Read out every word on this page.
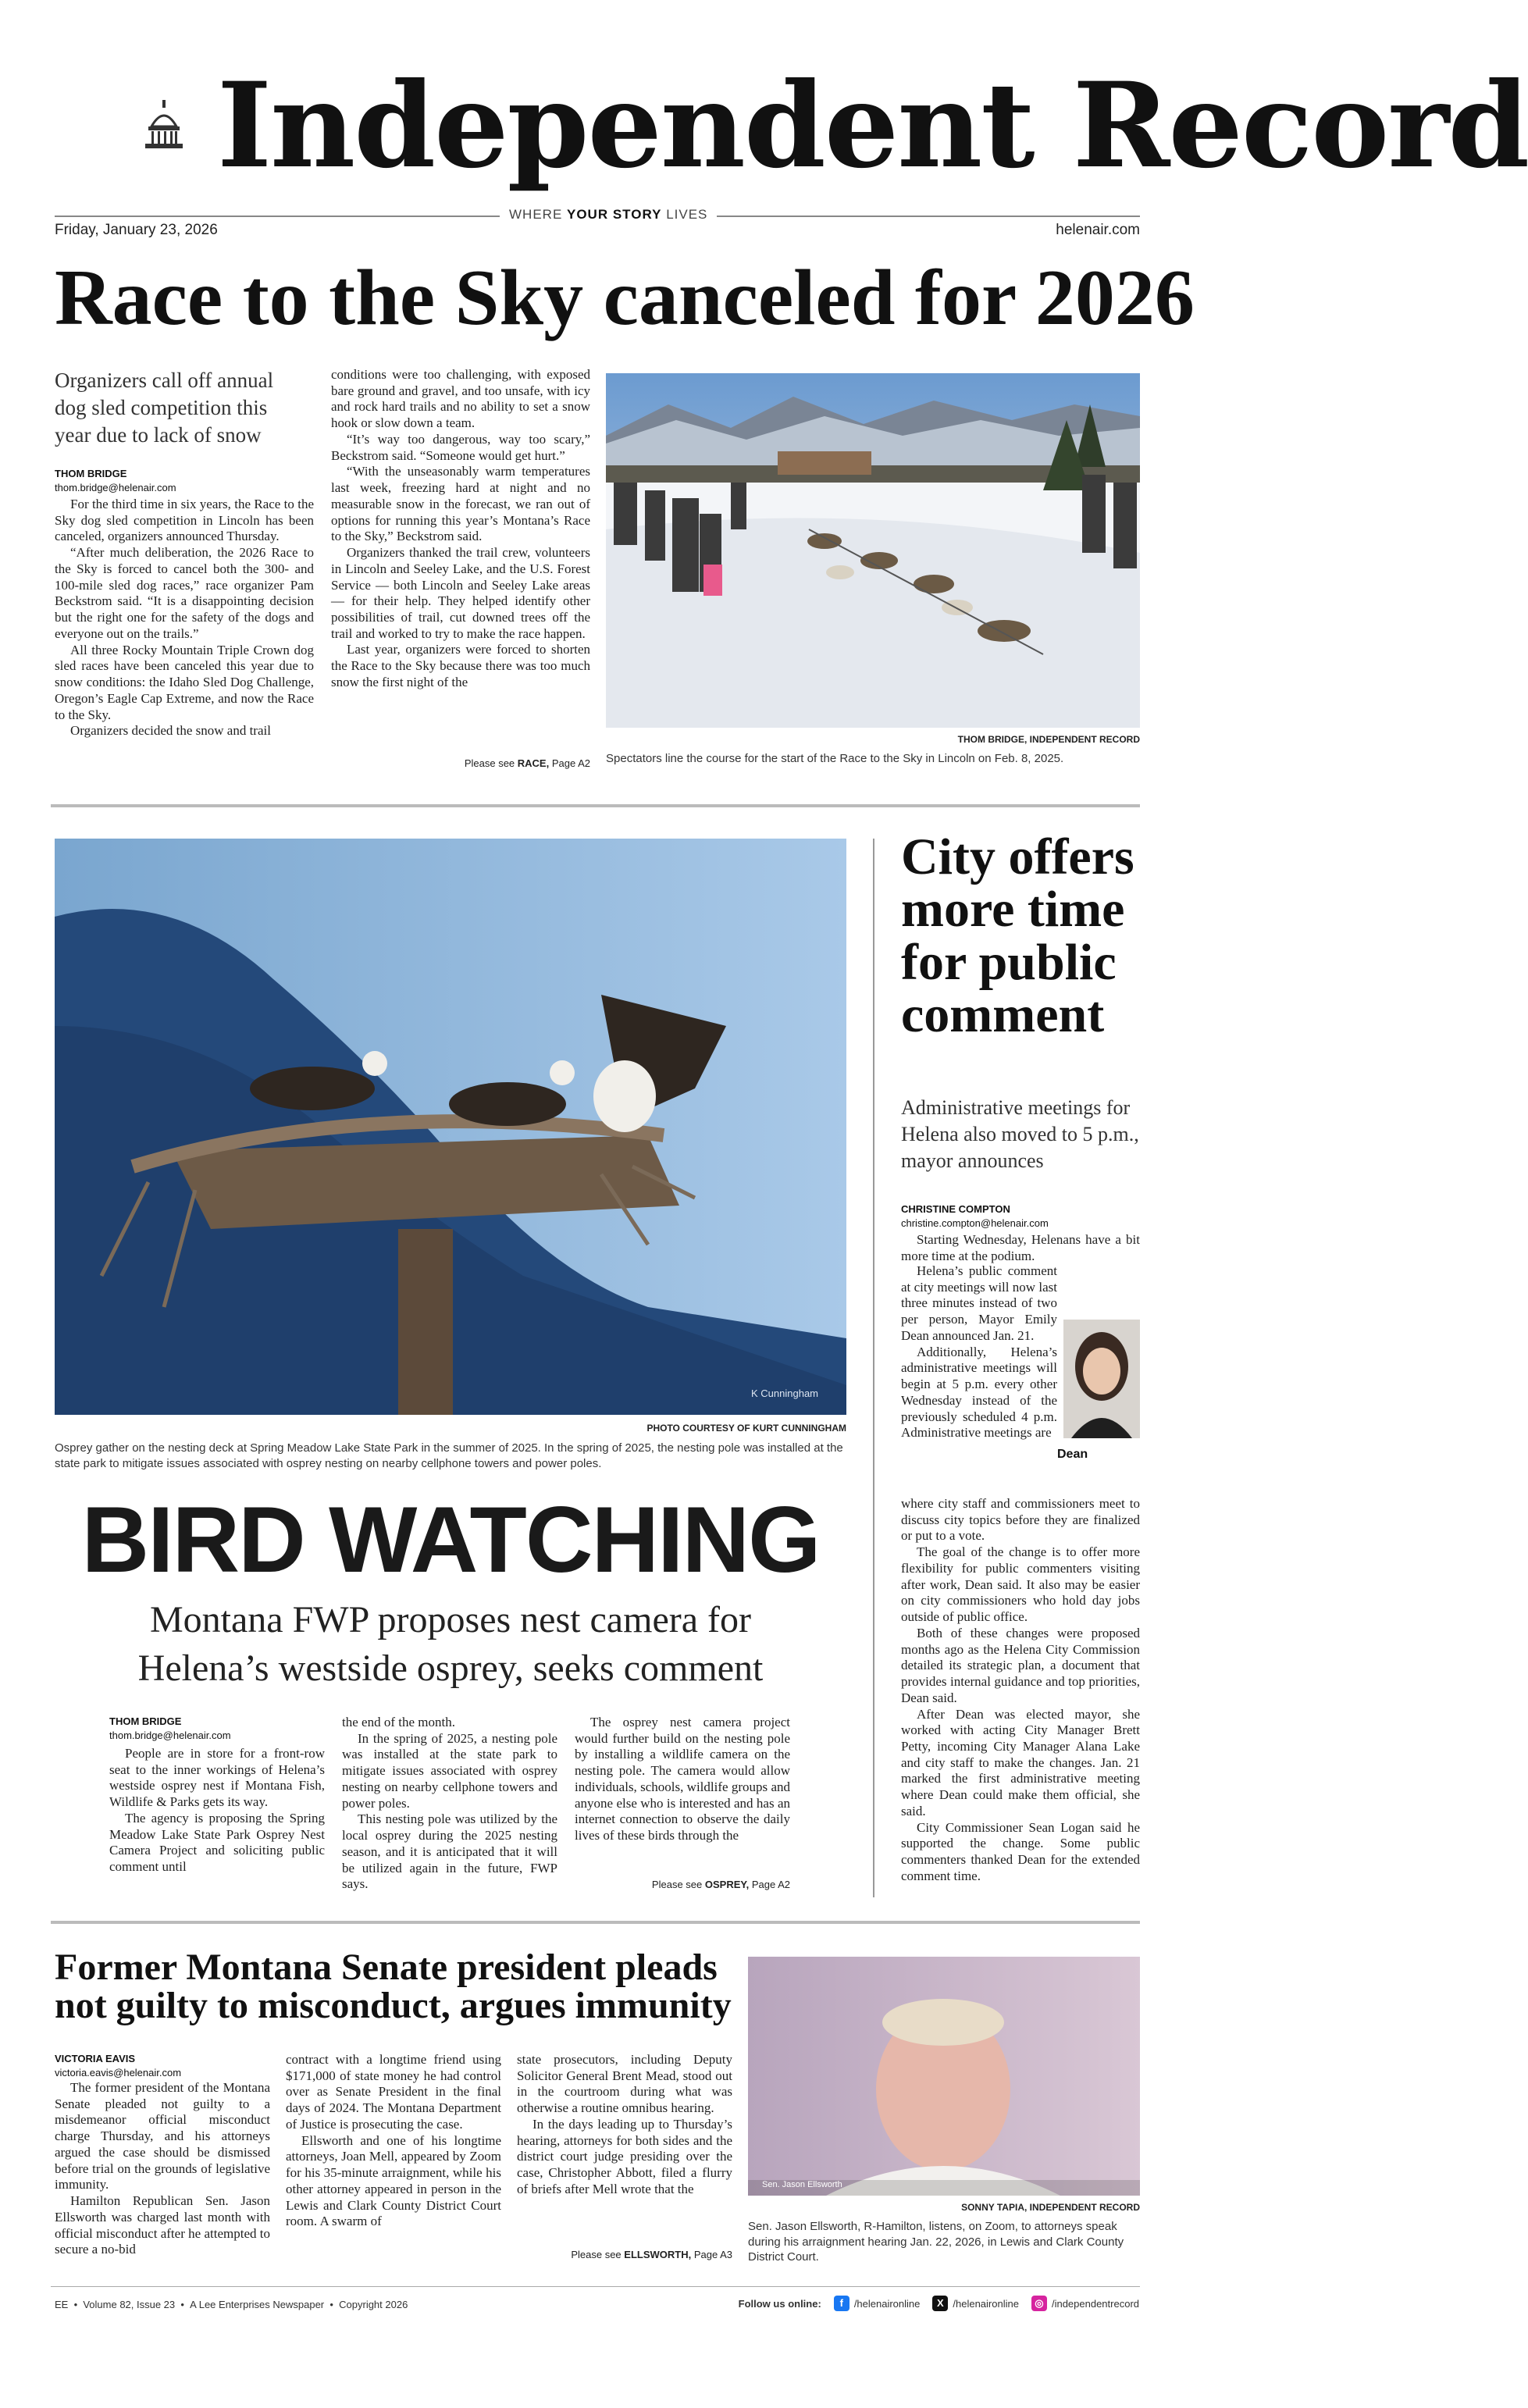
Independent Record
WHERE YOUR STORY LIVES
Friday, January 23, 2026	helenair.com
Race to the Sky canceled for 2026
Organizers call off annual dog sled competition this year due to lack of snow
THOM BRIDGE
thom.bridge@helenair.com

For the third time in six years, the Race to the Sky dog sled competition in Lincoln has been canceled, organizers announced Thursday.

“After much deliberation, the 2026 Race to the Sky is forced to cancel both the 300- and 100-mile sled dog races,” race organizer Pam Beckstrom said. “It is a disappointing decision but the right one for the safety of the dogs and everyone out on the trails.”

All three Rocky Mountain Triple Crown dog sled races have been canceled this year due to snow conditions: the Idaho Sled Dog Challenge, Oregon’s Eagle Cap Extreme, and now the Race to the Sky.

Organizers decided the snow and trail

conditions were too challenging, with exposed bare ground and gravel, and too unsafe, with icy and rock hard trails and no ability to set a snow hook or slow down a team.

“It’s way too dangerous, way too scary,” Beckstrom said. “Someone would get hurt.”

“With the unseasonably warm temperatures last week, freezing hard at night and no measurable snow in the forecast, we ran out of options for running this year’s Montana’s Race to the Sky,” Beckstrom said.

Organizers thanked the trail crew, volunteers in Lincoln and Seeley Lake, and the U.S. Forest Service — both Lincoln and Seeley Lake areas — for their help. They helped identify other possibilities of trail, cut downed trees off the trail and worked to try to make the race happen.

Last year, organizers were forced to shorten the Race to the Sky because there was too much snow the first night of the

Please see RACE, Page A2
THOM BRIDGE, INDEPENDENT RECORD
Spectators line the course for the start of the Race to the Sky in Lincoln on Feb. 8, 2025.
K Cunningham
PHOTO COURTESY OF KURT CUNNINGHAM
Osprey gather on the nesting deck at Spring Meadow Lake State Park in the summer of 2025. In the spring of 2025, the nesting pole was installed at the state park to mitigate issues associated with osprey nesting on nearby cellphone towers and power poles.
BIRD WATCHING
Montana FWP proposes nest camera for Helena’s westside osprey, seeks comment
THOM BRIDGE
thom.bridge@helenair.com

People are in store for a front-row seat to the inner workings of Helena’s westside osprey nest if Montana Fish, Wildlife & Parks gets its way.

The agency is proposing the Spring Meadow Lake State Park Osprey Nest Camera Project and soliciting public comment until

the end of the month.

In the spring of 2025, a nesting pole was installed at the state park to mitigate issues associated with osprey nesting on nearby cellphone towers and power poles.

This nesting pole was utilized by the local osprey during the 2025 nesting season, and it is anticipated that it will be utilized again in the future, FWP says.

The osprey nest camera project would further build on the nesting pole by installing a wildlife camera on the nesting pole. The camera would allow individuals, schools, wildlife groups and anyone else who is interested and has an internet connection to observe the daily lives of these birds through the

Please see OSPREY, Page A2
City offers more time for public comment
Administrative meetings for Helena also moved to 5 p.m., mayor announces
CHRISTINE COMPTON
christine.compton@helenair.com

Starting Wednesday, Helenans have a bit more time at the podium.

Helena’s public comment at city meetings will now last three minutes instead of two per person, Mayor Emily Dean announced Jan. 21.

Additionally, Helena’s administrative meetings will begin at 5 p.m. every other Wednesday instead of the previously scheduled 4 p.m. Administrative meetings are

Dean

where city staff and commissioners meet to discuss city topics before they are finalized or put to a vote.

The goal of the change is to offer more flexibility for public commenters visiting after work, Dean said. It also may be easier on city commissioners who hold day jobs outside of public office.

Both of these changes were proposed months ago as the Helena City Commission detailed its strategic plan, a document that provides internal guidance and top priorities, Dean said.

After Dean was elected mayor, she worked with acting City Manager Brett Petty, incoming City Manager Alana Lake and city staff to make the changes. Jan. 21 marked the first administrative meeting where Dean could make them official, she said.

City Commissioner Sean Logan said he supported the change. Some public commenters thanked Dean for the extended comment time.

Former Montana Senate president pleads not guilty to misconduct, argues immunity
VICTORIA EAVIS
victoria.eavis@helenair.com

The former president of the Montana Senate pleaded not guilty to a misdemeanor official misconduct charge Thursday, and his attorneys argued the case should be dismissed before trial on the grounds of legislative immunity.

Hamilton Republican Sen. Jason Ellsworth was charged last month with official misconduct after he attempted to secure a no-bid

contract with a longtime friend using $171,000 of state money he had control over as Senate President in the final days of 2024. The Montana Department of Justice is prosecuting the case.

Ellsworth and one of his longtime attorneys, Joan Mell, appeared by Zoom for his 35-minute arraignment, while his other attorney appeared in person in the Lewis and Clark County District Court room. A swarm of

state prosecutors, including Deputy Solicitor General Brent Mead, stood out in the courtroom during what was otherwise a routine omnibus hearing.

In the days leading up to Thursday’s hearing, attorneys for both sides and the district court judge presiding over the case, Christopher Abbott, filed a flurry of briefs after Mell wrote that the

Please see ELLSWORTH, Page A3
Sen. Jason Ellsworth
SONNY TAPIA, INDEPENDENT RECORD
Sen. Jason Ellsworth, R-Hamilton, listens, on Zoom, to attorneys speak during his arraignment hearing Jan. 22, 2026, in Lewis and Clark County District Court.
EE  •  Volume 82, Issue 23  •  A Lee Enterprises Newspaper  •  Copyright 2026	Follow us online:	f	/helenaironline	X /helenaironline	◎ /independentrecord
